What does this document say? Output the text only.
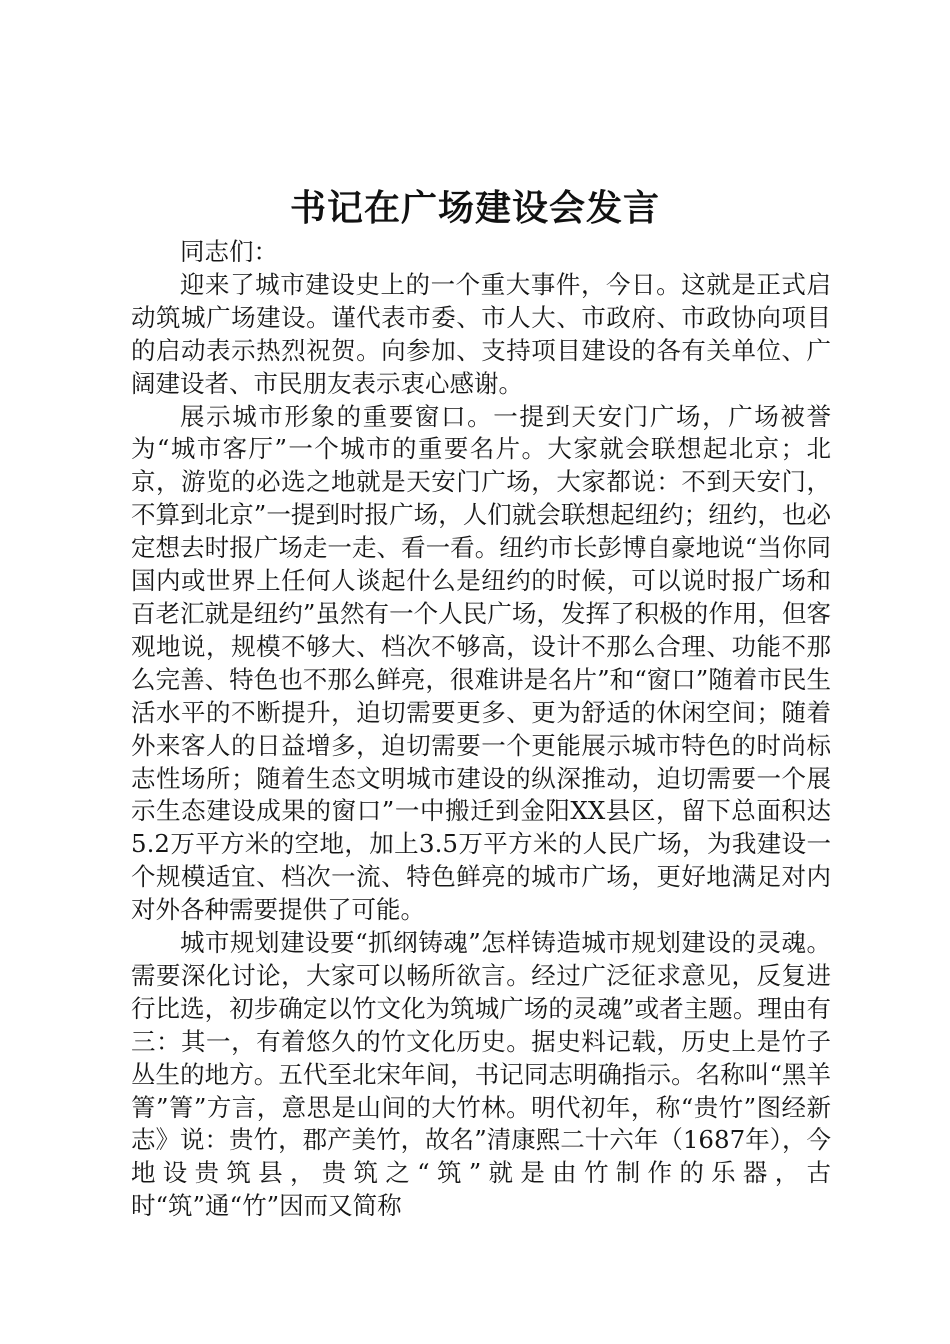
书记在广场建设会发言

同志们：

迎来了城市建设史上的一个重大事件，今日。这就是正式启动筑城广场建设。谨代表市委、市人大、市政府、市政协向项目的启动表示热烈祝贺。向参加、支持项目建设的各有关单位、广阔建设者、市民朋友表示衷心感谢。

展示城市形象的重要窗口。一提到天安门广场，广场被誉为“城市客厅”一个城市的重要名片。大家就会联想起北京；北京，游览的必选之地就是天安门广场，大家都说：不到天安门，不算到北京”一提到时报广场，人们就会联想起纽约；纽约，也必定想去时报广场走一走、看一看。纽约市长彭博自豪地说“当你同国内或世界上任何人谈起什么是纽约的时候，可以说时报广场和百老汇就是纽约”虽然有一个人民广场，发挥了积极的作用，但客观地说，规模不够大、档次不够高，设计不那么合理、功能不那么完善、特色也不那么鲜亮，很难讲是名片”和“窗口”随着市民生活水平的不断提升，迫切需要更多、更为舒适的休闲空间；随着外来客人的日益增多，迫切需要一个更能展示城市特色的时尚标志性场所；随着生态文明城市建设的纵深推动，迫切需要一个展示生态建设成果的窗口”一中搬迁到金阳XX县区，留下总面积达5.2万平方米的空地，加上3.5万平方米的人民广场，为我建设一个规模适宜、档次一流、特色鲜亮的城市广场，更好地满足对内对外各种需要提供了可能。

城市规划建设要“抓纲铸魂”怎样铸造城市规划建设的灵魂。需要深化讨论，大家可以畅所欲言。经过广泛征求意见，反复进行比选，初步确定以竹文化为筑城广场的灵魂”或者主题。理由有三：其一，有着悠久的竹文化历史。据史料记载，历史上是竹子丛生的地方。五代至北宋年间，书记同志明确指示。名称叫“黑羊箐”箐”方言，意思是山间的大竹林。明代初年，称“贵竹”图经新志》说：贵竹，郡产美竹，故名”清康熙二十六年（1687年），今地设贵筑县，贵筑之“筑”就是由竹制作的乐器，古时“筑”通“竹”因而又简称
